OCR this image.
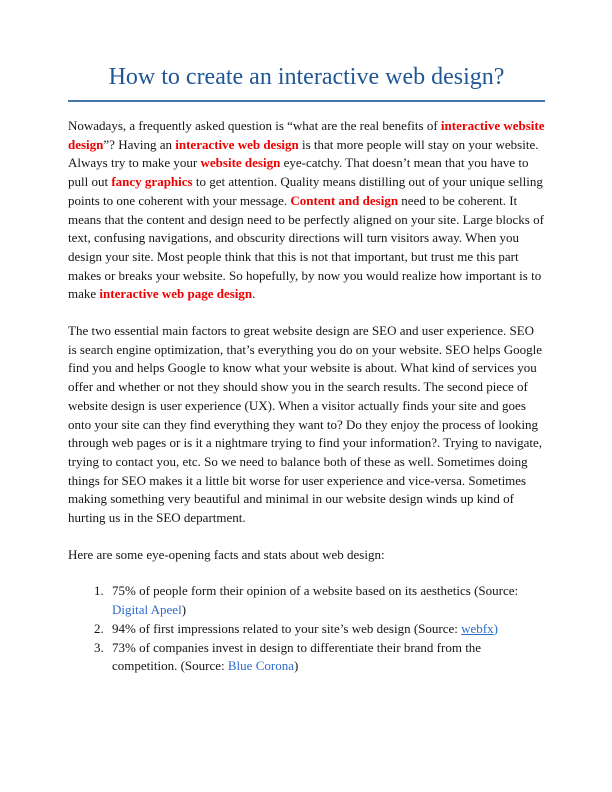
How to create an interactive web design?

Nowadays, a frequently asked question is “what are the real benefits of interactive website design”? Having an interactive web design is that more people will stay on your website. Always try to make your website design eye-catchy. That doesn’t mean that you have to pull out fancy graphics to get attention. Quality means distilling out of your unique selling points to one coherent with your message. Content and design need to be coherent. It means that the content and design need to be perfectly aligned on your site. Large blocks of text, confusing navigations, and obscurity directions will turn visitors away. When you design your site. Most people think that this is not that important, but trust me this part makes or breaks your website. So hopefully, by now you would realize how important is to make interactive web page design.

The two essential main factors to great website design are SEO and user experience. SEO is search engine optimization, that’s everything you do on your website. SEO helps Google find you and helps Google to know what your website is about. What kind of services you offer and whether or not they should show you in the search results. The second piece of website design is user experience (UX). When a visitor actually finds your site and goes onto your site can they find everything they want to? Do they enjoy the process of looking through web pages or is it a nightmare trying to find your information?. Trying to navigate, trying to contact you, etc. So we need to balance both of these as well. Sometimes doing things for SEO makes it a little bit worse for user experience and vice-versa. Sometimes making something very beautiful and minimal in our website design winds up kind of hurting us in the SEO department.

Here are some eye-opening facts and stats about web design:

1. 75% of people form their opinion of a website based on its aesthetics (Source: Digital Apeel)
2. 94% of first impressions related to your site’s web design (Source: webfx)
3. 73% of companies invest in design to differentiate their brand from the competition. (Source: Blue Corona)
